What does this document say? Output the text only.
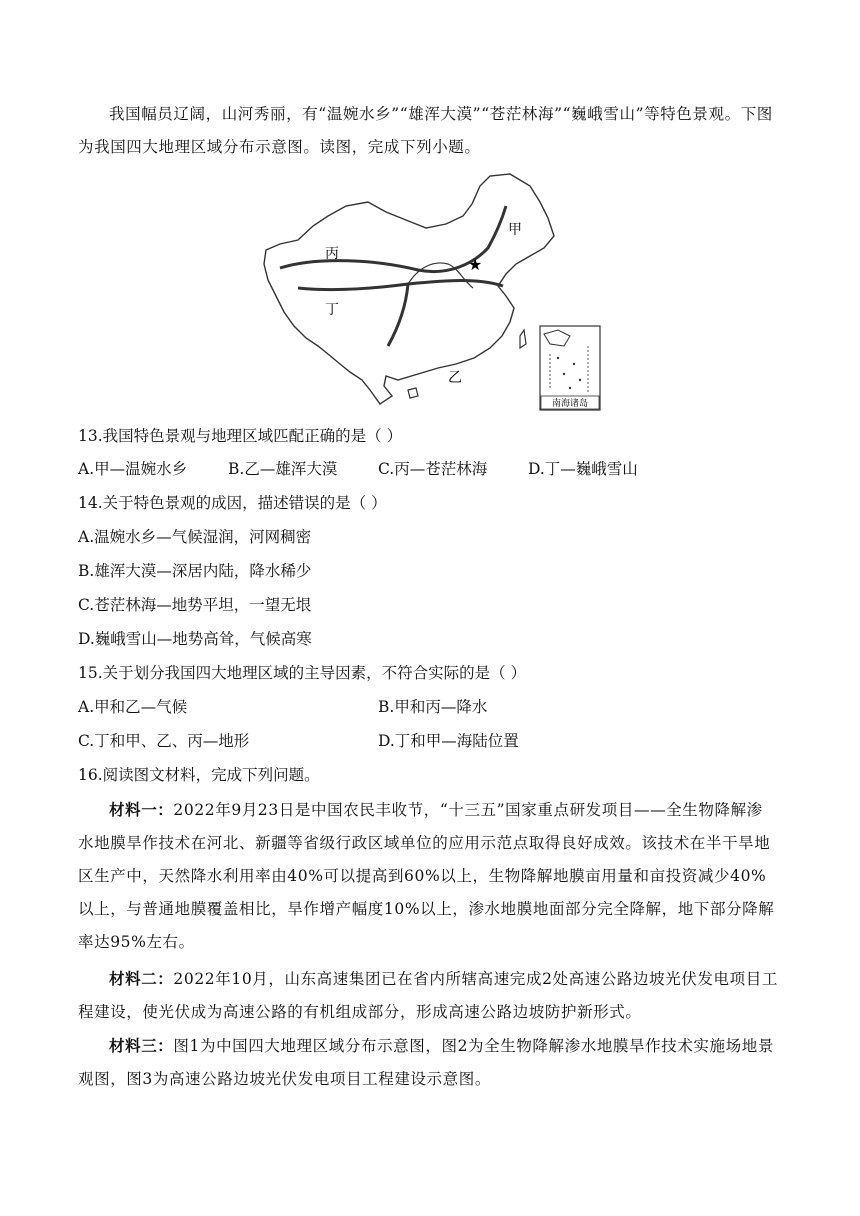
我国幅员辽阔，山河秀丽，有“温婉水乡”“雄浑大漠”“苍茫林海”“巍峨雪山”等特色景观。下图为我国四大地理区域分布示意图。读图，完成下列小题。
★
甲
乙
丙
丁
南海诸岛
13.我国特色景观与地理区域匹配正确的是（ ）
A.甲—温婉水乡	B.乙—雄浑大漠	C.丙—苍茫林海	D.丁—巍峨雪山
14.关于特色景观的成因，描述错误的是（ ）
A.温婉水乡—气候湿润，河网稠密
B.雄浑大漠—深居内陆，降水稀少
C.苍茫林海—地势平坦，一望无垠
D.巍峨雪山—地势高耸，气候高寒
15.关于划分我国四大地理区域的主导因素，不符合实际的是（ ）
A.甲和乙—气候	B.甲和丙—降水
C.丁和甲、乙、丙—地形	D.丁和甲—海陆位置
16.阅读图文材料，完成下列问题。
材料一：2022年9月23日是中国农民丰收节，“十三五”国家重点研发项目——全生物降解渗水地膜旱作技术在河北、新疆等省级行政区域单位的应用示范点取得良好成效。该技术在半干旱地区生产中，天然降水利用率由40%可以提高到60%以上，生物降解地膜亩用量和亩投资减少40%以上，与普通地膜覆盖相比，旱作增产幅度10%以上，渗水地膜地面部分完全降解，地下部分降解率达95%左右。
材料二：2022年10月，山东高速集团已在省内所辖高速完成2处高速公路边坡光伏发电项目工程建设，使光伏成为高速公路的有机组成部分，形成高速公路边坡防护新形式。
材料三：图1为中国四大地理区域分布示意图，图2为全生物降解渗水地膜旱作技术实施场地景观图，图3为高速公路边坡光伏发电项目工程建设示意图。
